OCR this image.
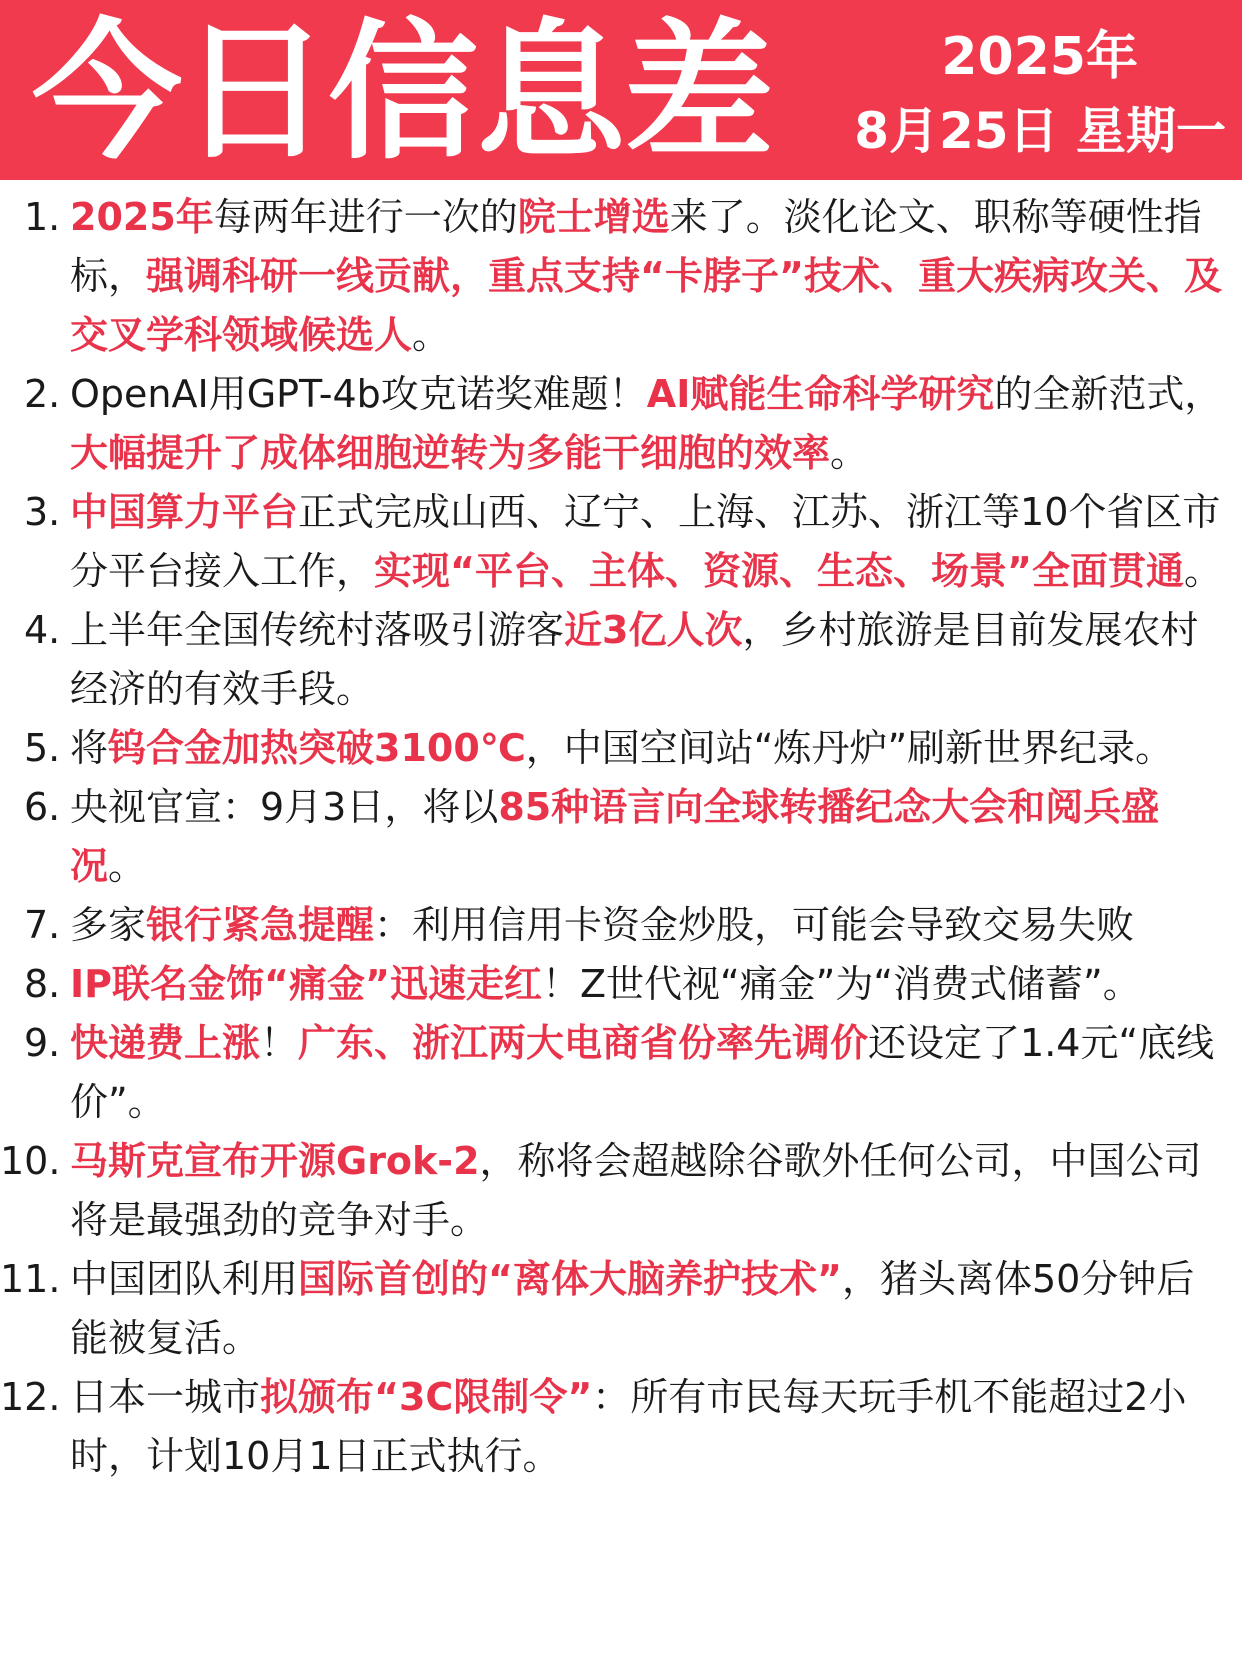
今日信息差	2025年
8月25日 星期一
1. 2025年每两年进行一次的院士增选来了。淡化论文、职称等硬性指标，强调科研一线贡献，重点支持“卡脖子”技术、重大疾病攻关、及交叉学科领域候选人。
2. OpenAI用GPT-4b攻克诺奖难题！AI赋能生命科学研究的全新范式，大幅提升了成体细胞逆转为多能干细胞的效率。
3. 中国算力平台正式完成山西、辽宁、上海、江苏、浙江等10个省区市分平台接入工作，实现“平台、主体、资源、生态、场景”全面贯通。
4. 上半年全国传统村落吸引游客近3亿人次，乡村旅游是目前发展农村经济的有效手段。
5. 将钨合金加热突破3100℃，中国空间站“炼丹炉”刷新世界纪录。
6. 央视官宣：9月3日，将以85种语言向全球转播纪念大会和阅兵盛况。
7. 多家银行紧急提醒：利用信用卡资金炒股，可能会导致交易失败
8. IP联名金饰“痛金”迅速走红！Z世代视“痛金”为“消费式储蓄”。
9. 快递费上涨！广东、浙江两大电商省份率先调价还设定了1.4元“底线价”。
10. 马斯克宣布开源Grok-2，称将会超越除谷歌外任何公司，中国公司将是最强劲的竞争对手。
11. 中国团队利用国际首创的“离体大脑养护技术”，猪头离体50分钟后能被复活。
12. 日本一城市拟颁布“3C限制令”：所有市民每天玩手机不能超过2小时，计划10月1日正式执行。
